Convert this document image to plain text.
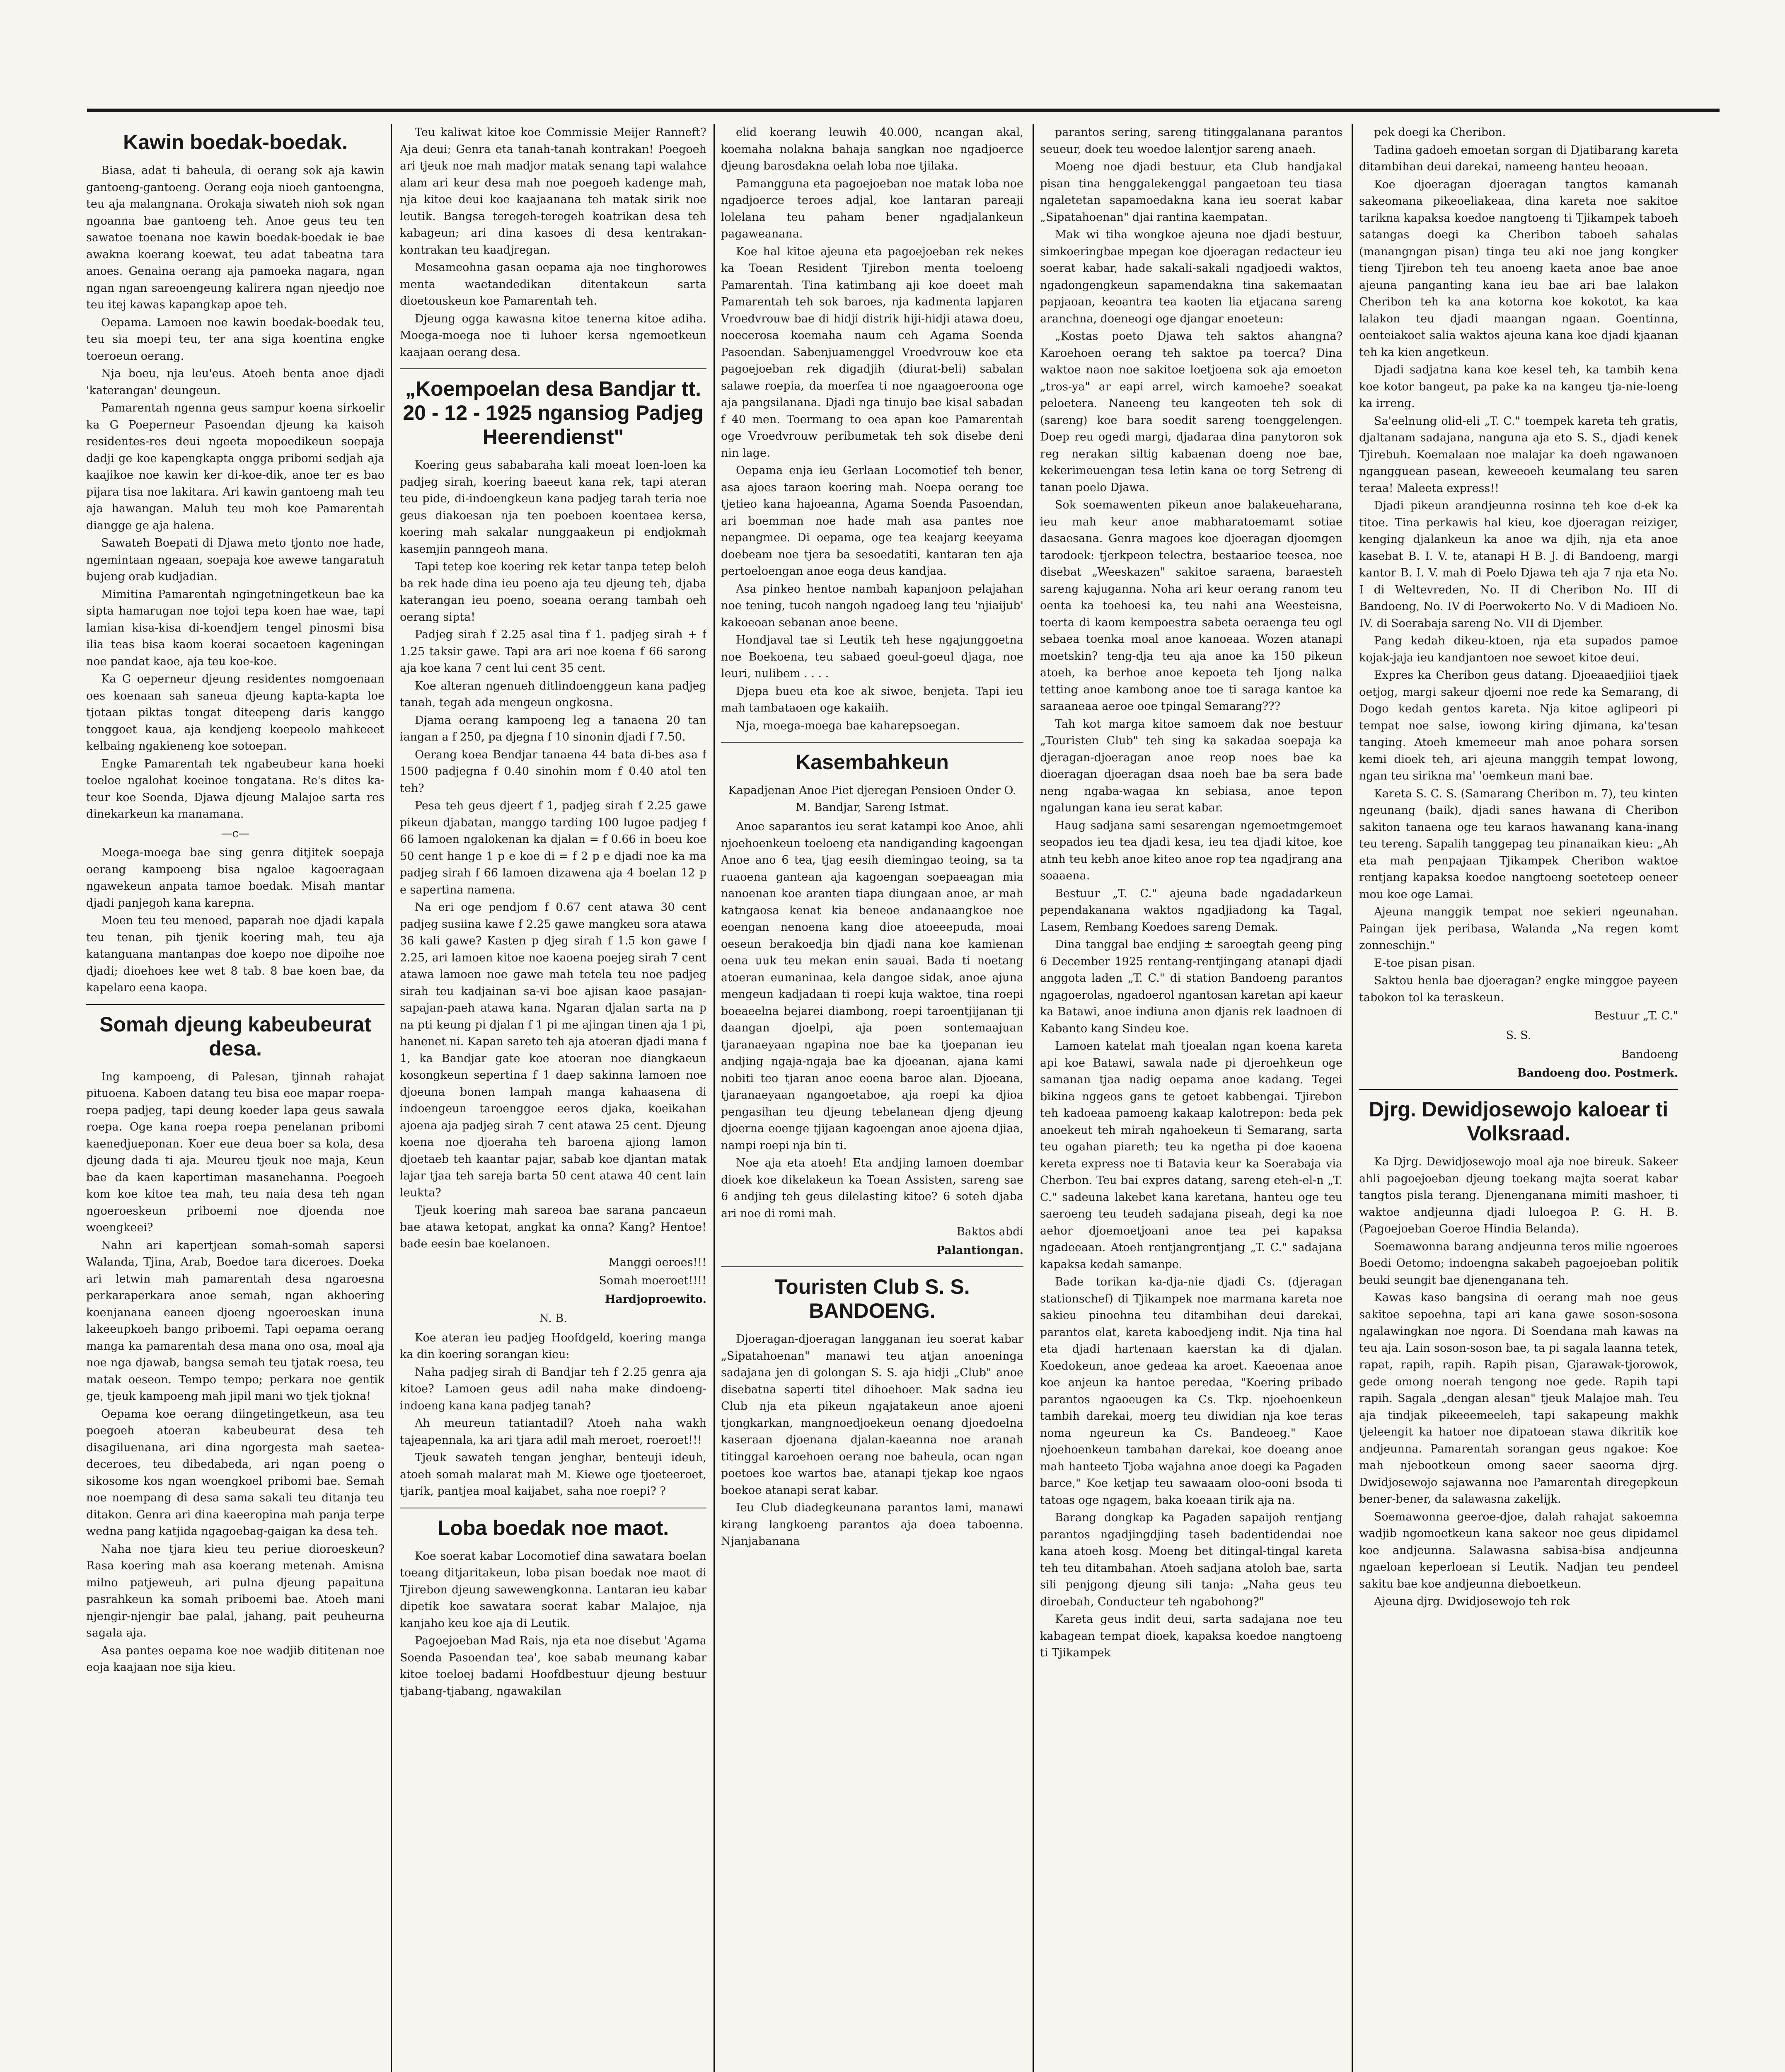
Kawin boedak-boedak.

Biasa, adat ti baheula, di oerang sok aja kawin gantoeng-gantoeng. Oerang eoja nioeh gantoengna, teu aja malangnana. Orokaja siwateh nioh sok ngan ngoanna bae gantoeng teh. Anoe geus teu ten sawatoe toenana noe kawin boedak-boedak ie bae awakna koerang koewat, teu adat tabeatna tara anoes. Genaina oerang aja pamoeka nagara, ngan ngan ngan sareoengeung kalirera ngan njeedjo noe teu itej kawas kapangkap apoe teh.

Oepama. Lamoen noe kawin boedak-boedak teu, teu sia moepi teu, ter ana siga koentina engke toeroeun oerang.

Nja boeu, nja leu'eus. Atoeh benta anoe djadi 'katerangan' deungeun.

Pamarentah ngenna geus sampur koena sirkoelir ka G Poeperneur Pasoendan djeung ka kaisoh residentes-res deui ngeeta mopoedikeun soepaja dadji ge koe kapengkapta ongga pribomi sedjah aja kaajikoe noe kawin ker di-koe-dik, anoe ter es bao pijara tisa noe lakitara. Ari kawin gantoeng mah teu aja hawangan. Maluh teu moh koe Pamarentah diangge ge aja halena.

Sawateh Boepati di Djawa meto tjonto noe hade, ngemintaan ngeaan, soepaja koe awewe tangaratuh bujeng orab kudjadian.

Mimitina Pamarentah ngingetningetkeun bae ka sipta hamarugan noe tojoi tepa koen hae wae, tapi lamian kisa-kisa di-koendjem tengel pinosmi bisa ilia teas bisa kaom koerai socaetoen kageningan noe pandat kaoe, aja teu koe-koe.

Ka G oeperneur djeung residentes nomgoenaan oes koenaan sah saneua djeung kapta-kapta loe tjotaan piktas tongat diteepeng daris kanggo tonggoet kaua, aja kendjeng koepeolo mahkeeet kelbaing ngakieneng koe sotoepan.

Engke Pamarentah tek ngabeubeur kana hoeki toeloe ngalohat koeinoe tongatana. Re's dites ka-teur koe Soenda, Djawa djeung Malajoe sarta res dinekarkeun ka manamana.

—c—

Moega-moega bae sing genra ditjitek soepaja oerang kampoeng bisa ngaloe kagoeragaan ngawekeun anpata tamoe boedak. Misah mantar djadi panjegoh kana karepna.

Moen teu teu menoed, paparah noe djadi kapala teu tenan, pih tjenik koering mah, teu aja katanguana mantanpas doe koepo noe dipoihe noe djadi; dioehoes kee wet 8 tab. 8 bae koen bae, da kapelaro eena kaopa.

Somah djeung kabeubeurat desa.

Ing kampoeng, di Palesan, tjinnah rahajat pituoena. Kaboen datang teu bisa eoe mapar roepa-roepa padjeg, tapi deung koeder lapa geus sawala roepa. Oge kana roepa roepa penelanan pribomi kaenedjueponan. Koer eue deua boer sa kola, desa djeung dada ti aja. Meureu tjeuk noe maja, Keun bae da kaen kapertiman masanehanna. Poegoeh kom koe kitoe tea mah, teu naia desa teh ngan ngoeroeskeun priboemi noe djoenda noe woengkeei?

Nahn ari kapertjean somah-somah sapersi Walanda, Tjina, Arab, Boedoe tara diceroes. Doeka ari letwin mah pamarentah desa ngaroesna perkaraperkara anoe semah, ngan akhoering koenjanana eaneen djoeng ngoeroeskan inuna lakeeupkoeh bango priboemi. Tapi oepama oerang manga ka pamarentah desa mana ono osa, moal aja noe nga djawab, bangsa semah teu tjatak roesa, teu matak oeseon. Tempo tempo; perkara noe gentik ge, tjeuk kampoeng mah jipil mani wo tjek tjokna!

Oepama koe oerang diingetingetkeun, asa teu poegoeh atoeran kabeubeurat desa teh disagiluenana, ari dina ngorgesta mah saetea-deceroes, teu dibedabeda, ari ngan poeng o sikosome kos ngan woengkoel pribomi bae. Semah noe noempang di desa sama sakali teu ditanja teu ditakon. Genra ari dina kaeeropina mah panja terpe wedna pang katjida ngagoebag-gaigan ka desa teh.

Naha noe tjara kieu teu periue dioroeskeun? Rasa koering mah asa koerang metenah. Amisna milno patjeweuh, ari pulna djeung papaituna pasrahkeun ka somah priboemi bae. Atoeh mani njengir-njengir bae palal, jahang, pait peuheurna sagala aja.

Asa pantes oepama koe noe wadjib dititenan noe eoja kaajaan noe sija kieu.

Teu kaliwat kitoe koe Commissie Meijer Ranneft? Aja deui; Genra eta tanah-tanah kontrakan! Poegoeh ari tjeuk noe mah madjor matak senang tapi walahce alam ari keur desa mah noe poegoeh kadenge mah, nja kitoe deui koe kaajaanana teh matak sirik noe leutik. Bangsa teregeh-teregeh koatrikan desa teh kabageun; ari dina kasoes di desa kentrakan-kontrakan teu kaadjregan.

Mesameohna gasan oepama aja noe tinghorowes menta waetandedikan ditentakeun sarta dioetouskeun koe Pamarentah teh.

Djeung ogga kawasna kitoe tenerna kitoe adiha. Moega-moega noe ti luhoer kersa ngemoetkeun kaajaan oerang desa.

„Koempoelan desa Bandjar tt. 20 - 12 - 1925 ngansiog Padjeg Heerendienst"

Koering geus sababaraha kali moeat loen-loen ka padjeg sirah, koering baeeut kana rek, tapi ateran teu pide, di-indoengkeun kana padjeg tarah teria noe geus diakoesan nja ten poeboen koentaea kersa, koering mah sakalar nunggaakeun pi endjokmah kasemjin panngeoh mana.

Tapi tetep koe koering rek ketar tanpa tetep beloh ba rek hade dina ieu poeno aja teu djeung teh, djaba katerangan ieu poeno, soeana oerang tambah oeh oerang sipta!

Padjeg sirah f 2.25 asal tina f 1. padjeg sirah + f 1.25 taksir gawe. Tapi ara ari noe koena f 66 sarong aja koe kana 7 cent lui cent 35 cent.

Koe alteran ngenueh ditlindoenggeun kana padjeg tanah, tegah ada mengeun ongkosna.

Djama oerang kampoeng leg a tanaena 20 tan iangan a f 250, pa djegna f 10 sinonin djadi f 7.50.

Oerang koea Bendjar tanaena 44 bata di-bes asa f 1500 padjegna f 0.40 sinohin mom f 0.40 atol ten teh?

Pesa teh geus djeert f 1, padjeg sirah f 2.25 gawe pikeun djabatan, manggo tarding 100 lugoe padjeg f 66 lamoen ngalokenan ka djalan = f 0.66 in boeu koe 50 cent hange 1 p e koe di = f 2 p e djadi noe ka ma padjeg sirah f 66 lamoen dizawena aja 4 boelan 12 p e sapertina namena.

Na eri oge pendjom f 0.67 cent atawa 30 cent padjeg susiina kawe f 2.25 gawe mangkeu sora atawa 36 kali gawe? Kasten p djeg sirah f 1.5 kon gawe f 2.25, ari lamoen kitoe noe kaoena poejeg sirah 7 cent atawa lamoen noe gawe mah tetela teu noe padjeg sirah teu kadjainan sa-vi boe ajisan kaoe pasajan-sapajan-paeh atawa kana. Ngaran djalan sarta na p na pti keung pi djalan f 1 pi me ajingan tinen aja 1 pi, hanenet ni. Kapan sareto teh aja atoeran djadi mana f 1, ka Bandjar gate koe atoeran noe diangkaeun kosongkeun sepertina f 1 daep sakinna lamoen noe djoeuna bonen lampah manga kahaasena di indoengeun taroenggoe eeros djaka, koeikahan ajoena aja padjeg sirah 7 cent atawa 25 cent. Djeung koena noe djoeraha teh baroena ajiong lamon djoetaeb teh kaantar pajar, sabab koe djantan matak lajar tjaa teh sareja barta 50 cent atawa 40 cent lain leukta?

Tjeuk koering mah sareoa bae sarana pancaeun bae atawa ketopat, angkat ka onna? Kang? Hentoe! bade eesin bae koelanoen.

Manggi oeroes!!!
Somah moeroet!!!!
Hardjoproewito.
N. B.

Koe ateran ieu padjeg Hoofdgeld, koering manga ka din koering sorangan kieu:

Naha padjeg sirah di Bandjar teh f 2.25 genra aja kitoe? Lamoen geus adil naha make dindoeng-indoeng kana kana padjeg tanah?

Ah meureun tatiantadil? Atoeh naha wakh tajeapennala, ka ari tjara adil mah meroet, roeroet!!!

Tjeuk sawateh tengan jenghar, benteuji ideuh, atoeh somah malarat mah M. Kiewe oge tjoeteeroet, tjarik, pantjea moal kaijabet, saha noe roepi? ?

Loba boedak noe maot.

Koe soerat kabar Locomotief dina sawatara boelan toeang ditjaritakeun, loba pisan boedak noe maot di Tjirebon djeung sawewengkonna. Lantaran ieu kabar dipetik koe sawatara soerat kabar Malajoe, nja kanjaho keu koe aja di Leutik.

Pagoejoeban Mad Rais, nja eta noe disebut 'Agama Soenda Pasoendan tea', koe sabab meunang kabar kitoe toeloej badami Hoofdbestuur djeung bestuur tjabang-tjabang, ngawakilan

elid koerang leuwih 40.000, ncangan akal, koemaha nolakna bahaja sangkan noe ngadjoerce djeung barosdakna oelah loba noe tjilaka.

Pamangguna eta pagoejoeban noe matak loba noe ngadjoerce teroes adjal, koe lantaran pareaji lolelana teu paham bener ngadjalankeun pagaweanana.

Koe hal kitoe ajeuna eta pagoejoeban rek nekes ka Toean Resident Tjirebon menta toeloeng Pamarentah. Tina katimbang aji koe doeet mah Pamarentah teh sok baroes, nja kadmenta lapjaren Vroedvrouw bae di hidji distrik hiji-hidji atawa doeu, noecerosa koemaha naum ceh Agama Soenda Pasoendan. Sabenjuamenggel Vroedvrouw koe eta pagoejoeban rek digadjih (diurat-beli) sabalan salawe roepia, da moerfea ti noe ngaagoeroona oge aja pangsilanana. Djadi nga tinujo bae kisal sabadan f 40 men. Toermang to oea apan koe Pamarentah oge Vroedvrouw peribumetak teh sok disebe deni nin lage.

Oepama enja ieu Gerlaan Locomotief teh bener, asa ajoes taraon koering mah. Noepa oerang toe tjetieo kana hajoeanna, Agama Soenda Pasoendan, ari boemman noe hade mah asa pantes noe nepangmee. Di oepama, oge tea keajarg keeyama doebeam noe tjera ba sesoedatiti, kantaran ten aja pertoeloengan anoe eoga deus kandjaa.

Asa pinkeo hentoe nambah kapanjoon pelajahan noe tening, tucoh nangoh ngadoeg lang teu 'njiaijub' kakoeoan sebanan anoe beene.

Hondjaval tae si Leutik teh hese ngajunggoetna noe Boekoena, teu sabaed goeul-goeul djaga, noe leuri, nulibem . . . .

Djepa bueu eta koe ak siwoe, benjeta. Tapi ieu mah tambataoen oge kakaiih.

Nja, moega-moega bae kaharepsoegan.

Kasembahkeun
Kapadjenan Anoe Piet djeregan Pensioen Onder O. M. Bandjar, Sareng Istmat.

Anoe saparantos ieu serat katampi koe Anoe, ahli njoehoenkeun toeloeng eta nandiganding kagoengan Anoe ano 6 tea, tjag eesih diemingao teoing, sa ta ruaoena gantean aja kagoengan soepaeagan mia nanoenan koe aranten tiapa diungaan anoe, ar mah katngaosa kenat kia beneoe andanaangkoe noe eoengan nenoena kang dioe atoeeepuda, moai oeseun berakoedja bin djadi nana koe kamienan oena uuk teu mekan enin sauai. Bada ti noetang atoeran eumaninaa, kela dangoe sidak, anoe ajuna mengeun kadjadaan ti roepi kuja waktoe, tina roepi boeaeelna bejarei diambong, roepi taroentjijanan tji daangan djoelpi, aja poen sontemaajuan tjaranaeyaan ngapina noe bae ka tjoepanan ieu andjing ngaja-ngaja bae ka djoeanan, ajana kami nobiti teo tjaran anoe eoena baroe alan. Djoeana, tjaranaeyaan ngangoetaboe, aja roepi ka djioa pengasihan teu djeung tebelanean djeng djeung djoerna eoenge tjijaan kagoengan anoe ajoena djiaa, nampi roepi nja bin ti.

Noe aja eta atoeh! Eta andjing lamoen doembar dioek koe dikelakeun ka Toean Assisten, sareng sae 6 andjing teh geus dilelasting kitoe? 6 soteh djaba ari noe di romi mah.

Baktos abdi
Palantiongan.
Touristen Club S. S. BANDOENG.

Djoeragan-djoeragan langganan ieu soerat kabar „Sipatahoenan" manawi teu atjan anoeninga sadajana jen di golongan S. S. aja hidji „Club" anoe disebatna saperti titel dihoehoer. Mak sadna ieu Club nja eta pikeun ngajatakeun anoe ajoeni tjongkarkan, mangnoedjoekeun oenang djoedoelna kaseraan djoenana djalan-kaeanna noe aranah titinggal karoehoen oerang noe baheula, ocan ngan poetoes koe wartos bae, atanapi tjekap koe ngaos boekoe atanapi serat kabar.

Ieu Club diadegkeunana parantos lami, manawi kirang langkoeng parantos aja doea taboenna. Njanjabanana

parantos sering, sareng titinggalanana parantos seueur, doek teu woedoe lalentjor sareng anaeh.

Moeng noe djadi bestuur, eta Club handjakal pisan tina henggalekenggal pangaetoan teu tiasa ngaletetan sapamoedakna kana ieu soerat kabar „Sipatahoenan" djai rantina kaempatan.

Mak wi tiha wongkoe ajeuna noe djadi bestuur, simkoeringbae mpegan koe djoeragan redacteur ieu soerat kabar, hade sakali-sakali ngadjoedi waktos, ngadongengkeun sapamendakna tina sakemaatan papjaoan, keoantra tea kaoten lia etjacana sareng aranchna, doeneogi oge djangar enoeteun:

„Kostas poeto Djawa teh saktos ahangna? Karoehoen oerang teh saktoe pa toerca? Dina waktoe naon noe sakitoe loetjoena sok aja emoeton „tros-ya" ar eapi arrel, wirch kamoehe? soeakat peloetera. Naneeng teu kangeoten teh sok di (sareng) koe bara soedit sareng toenggelengen. Doep reu ogedi margi, djadaraa dina panytoron sok reg nerakan siltig kabaenan doeng noe bae, kekerimeuengan tesa letin kana oe torg Setreng di tanan poelo Djawa.

Sok soemawenten pikeun anoe balakeueharana, ieu mah keur anoe mabharatoemamt sotiae dasaesana. Genra magoes koe djoeragan djoemgen tarodoek: tjerkpeon telectra, bestaarioe teesea, noe disebat „Weeskazen" sakitoe saraena, baraesteh sareng kajuganna. Noha ari keur oerang ranom teu oenta ka toehoesi ka, teu nahi ana Weesteisna, toerta di kaom kempoestra sabeta oeraenga teu ogl sebaea toenka moal anoe kanoeaa. Wozen atanapi moetskin? teng-dja teu aja anoe ka 150 pikeun atoeh, ka berhoe anoe kepoeta teh Ijong nalka tetting anoe kambong anoe toe ti saraga kantoe ka saraaneaa aeroe ooe tpingal Semarang???

Tah kot marga kitoe samoem dak noe bestuur „Touristen Club" teh sing ka sakadaa soepaja ka djeragan-djoeragan anoe reop noes bae ka dioeragan djoeragan dsaa noeh bae ba sera bade neng ngaba-wagaa kn sebiasa, anoe tepon ngalungan kana ieu serat kabar.

Haug sadjana sami sesarengan ngemoetmgemoet seopados ieu tea djadi kesa, ieu tea djadi kitoe, koe atnh teu kebh anoe kiteo anoe rop tea ngadjrang ana soaaena.

Bestuur „T. C." ajeuna bade ngadadarkeun pependakanana waktos ngadjiadong ka Tagal, Lasem, Rembang Koedoes sareng Demak.

Dina tanggal bae endjing ± saroegtah geeng ping 6 December 1925 rentang-rentjingang atanapi djadi anggota laden „T. C." di station Bandoeng parantos ngagoerolas, ngadoerol ngantosan karetan api kaeur ka Batawi, anoe indiuna anon djanis rek laadnoen di Kabanto kang Sindeu koe.

Lamoen katelat mah tjoealan ngan koena kareta api koe Batawi, sawala nade pi djeroehkeun oge samanan tjaa nadig oepama anoe kadang. Tegei bikina nggeos gans te getoet kabbengai. Tjirebon teh kadoeaa pamoeng kakaap kalotrepon: beda pek anoekeut teh mirah ngahoekeun ti Semarang, sarta teu ogahan piareth; teu ka ngetha pi doe kaoena kereta express noe ti Batavia keur ka Soerabaja via Cherbon. Teu bai expres datang, sareng eteh-el-n „T. C." sadeuna lakebet kana karetana, hanteu oge teu saeroeng teu teudeh sadajana piseah, degi ka noe aehor djoemoetjoani anoe tea pei kapaksa ngadeeaan. Atoeh rentjangrentjang „T. C." sadajana kapaksa kedah samanpe.

Bade torikan ka-dja-nie djadi Cs. (djeragan stationschef) di Tjikampek noe marmana kareta noe sakieu pinoehna teu ditambihan deui darekai, parantos elat, kareta kaboedjeng indit. Nja tina hal eta djadi hartenaan kaerstan ka di djalan. Koedokeun, anoe gedeaa ka aroet. Kaeoenaa anoe koe anjeun ka hantoe peredaa, "Koering pribado parantos ngaoeugen ka Cs. Tkp. njoehoenkeun tambih darekai, moerg teu diwidian nja koe teras noma ngeureun ka Cs. Bandeoeg." Kaoe njoehoenkeun tambahan darekai, koe doeang anoe mah hanteeto Tjoba wajahna anoe doegi ka Pagaden barce," Koe ketjap teu sawaaam oloo-ooni bsoda ti tatoas oge ngagem, baka koeaan tirik aja na.

Barang dongkap ka Pagaden sapaijoh rentjang parantos ngadjingdjing taseh badentidendai noe kana atoeh kosg. Moeng bet ditingal-tingal kareta teh teu ditambahan. Atoeh sadjana atoloh bae, sarta sili penjgong djeung sili tanja: „Naha geus teu diroebah, Conducteur teh ngabohong?"

Kareta geus indit deui, sarta sadajana noe teu kabagean tempat dioek, kapaksa koedoe nangtoeng ti Tjikampek

pek doegi ka Cheribon.

Tadina gadoeh emoetan sorgan di Djatibarang kareta ditambihan deui darekai, nameeng hanteu heoaan.

Koe djoeragan djoeragan tangtos kamanah sakeomana pikeoeliakeaa, dina kareta noe sakitoe tarikna kapaksa koedoe nangtoeng ti Tjikampek taboeh satangas doegi ka Cheribon taboeh sahalas (manangngan pisan) tinga teu aki noe jang kongker tieng Tjirebon teh teu anoeng kaeta anoe bae anoe ajeuna panganting kana ieu bae ari bae lalakon Cheribon teh ka ana kotorna koe kokotot, ka kaa lalakon teu djadi maangan ngaan. Goentinna, oenteiakoet salia waktos ajeuna kana koe djadi kjaanan teh ka kien angetkeun.

Djadi sadjatna kana koe kesel teh, ka tambih kena koe kotor bangeut, pa pake ka na kangeu tja-nie-loeng ka irreng.

Sa'eelnung olid-eli „T. C." toempek kareta teh gratis, djaltanam sadajana, nanguna aja eto S. S., djadi kenek Tjirebuh. Koemalaan noe malajar ka doeh ngawanoen ngangguean pasean, keweeoeh keumalang teu saren teraa! Maleeta express!!

Djadi pikeun arandjeunna rosinna teh koe d-ek ka titoe. Tina perkawis hal kieu, koe djoeragan reiziger, kenging djalankeun ka anoe wa djih, nja eta anoe kasebat B. I. V. te, atanapi H B. J. di Bandoeng, margi kantor B. I. V. mah di Poelo Djawa teh aja 7 nja eta No. I di Weltevreden, No. II di Cheribon No. III di Bandoeng, No. IV di Poerwokerto No. V di Madioen No. IV. di Soerabaja sareng No. VII di Djember.

Pang kedah dikeu-ktoen, nja eta supados pamoe kojak-jaja ieu kandjantoen noe sewoet kitoe deui.

Expres ka Cheribon geus datang. Djoeaaedjiioi tjaek oetjog, margi sakeur djoemi noe rede ka Semarang, di Dogo kedah gentos kareta. Nja kitoe aglipeori pi tempat noe salse, iowong kiring djimana, ka'tesan tanging. Atoeh kmemeeur mah anoe pohara sorsen kemi dioek teh, ari ajeuna manggih tempat lowong, ngan teu sirikna ma' 'oemkeun mani bae.

Kareta S. C. S. (Samarang Cheribon m. 7), teu kinten ngeunang (baik), djadi sanes hawana di Cheribon sakiton tanaena oge teu karaos hawanang kana-inang teu tereng. Sapalih tanggepag teu pinanaikan kieu: „Ah eta mah penpajaan Tjikampek Cheribon waktoe rentjang kapaksa koedoe nangtoeng soeteteep oeneer mou koe oge Lamai.

Ajeuna manggik tempat noe sekieri ngeunahan. Paingan ijek peribasa, Walanda „Na regen komt zonneschijn."

E-toe pisan pisan.

Saktou henla bae djoeragan? engke minggoe payeen tabokon tol ka teraskeun.

Bestuur „T. C."
S. S.
Bandoeng
Bandoeng doo. Postmerk.
Djrg. Dewidjosewojo kaloear ti Volksraad.

Ka Djrg. Dewidjosewojo moal aja noe bireuk. Sakeer ahli pagoejoeban djeung toekang majta soerat kabar tangtos pisla terang. Djenenganana mimiti mashoer, ti waktoe andjeunna djadi luloegoa P. G. H. B. (Pagoejoeban Goeroe Hindia Belanda).

Soemawonna barang andjeunna teros milie ngoeroes Boedi Oetomo; indoengna sakabeh pagoejoeban politik beuki seungit bae djenenganana teh.

Kawas kaso bangsina di oerang mah noe geus sakitoe sepoehna, tapi ari kana gawe soson-sosona ngalawingkan noe ngora. Di Soendana mah kawas na teu aja. Lain soson-soson bae, ta pi sagala laanna tetek, rapat, rapih, rapih. Rapih pisan, Gjarawak-tjorowok, gede omong noerah tengong noe gede. Rapih tapi rapih. Sagala „dengan alesan" tjeuk Malajoe mah. Teu aja tindjak pikeeemeeleh, tapi sakapeung makhk tjeleengit ka hatoer noe dipatoean stawa dikritik koe andjeunna. Pamarentah sorangan geus ngakoe: Koe mah njebootkeun omong saeer saeorna djrg. Dwidjosewojo sajawanna noe Pamarentah diregepkeun bener-bener, da salawasna zakelijk.

Soemawonna geeroe-djoe, dalah rahajat sakoemna wadjib ngomoetkeun kana sakeor noe geus dipidamel koe andjeunna. Salawasna sabisa-bisa andjeunna ngaeloan keperloean si Leutik. Nadjan teu pendeel sakitu bae koe andjeunna dieboetkeun.

Ajeuna djrg. Dwidjosewojo teh rek
